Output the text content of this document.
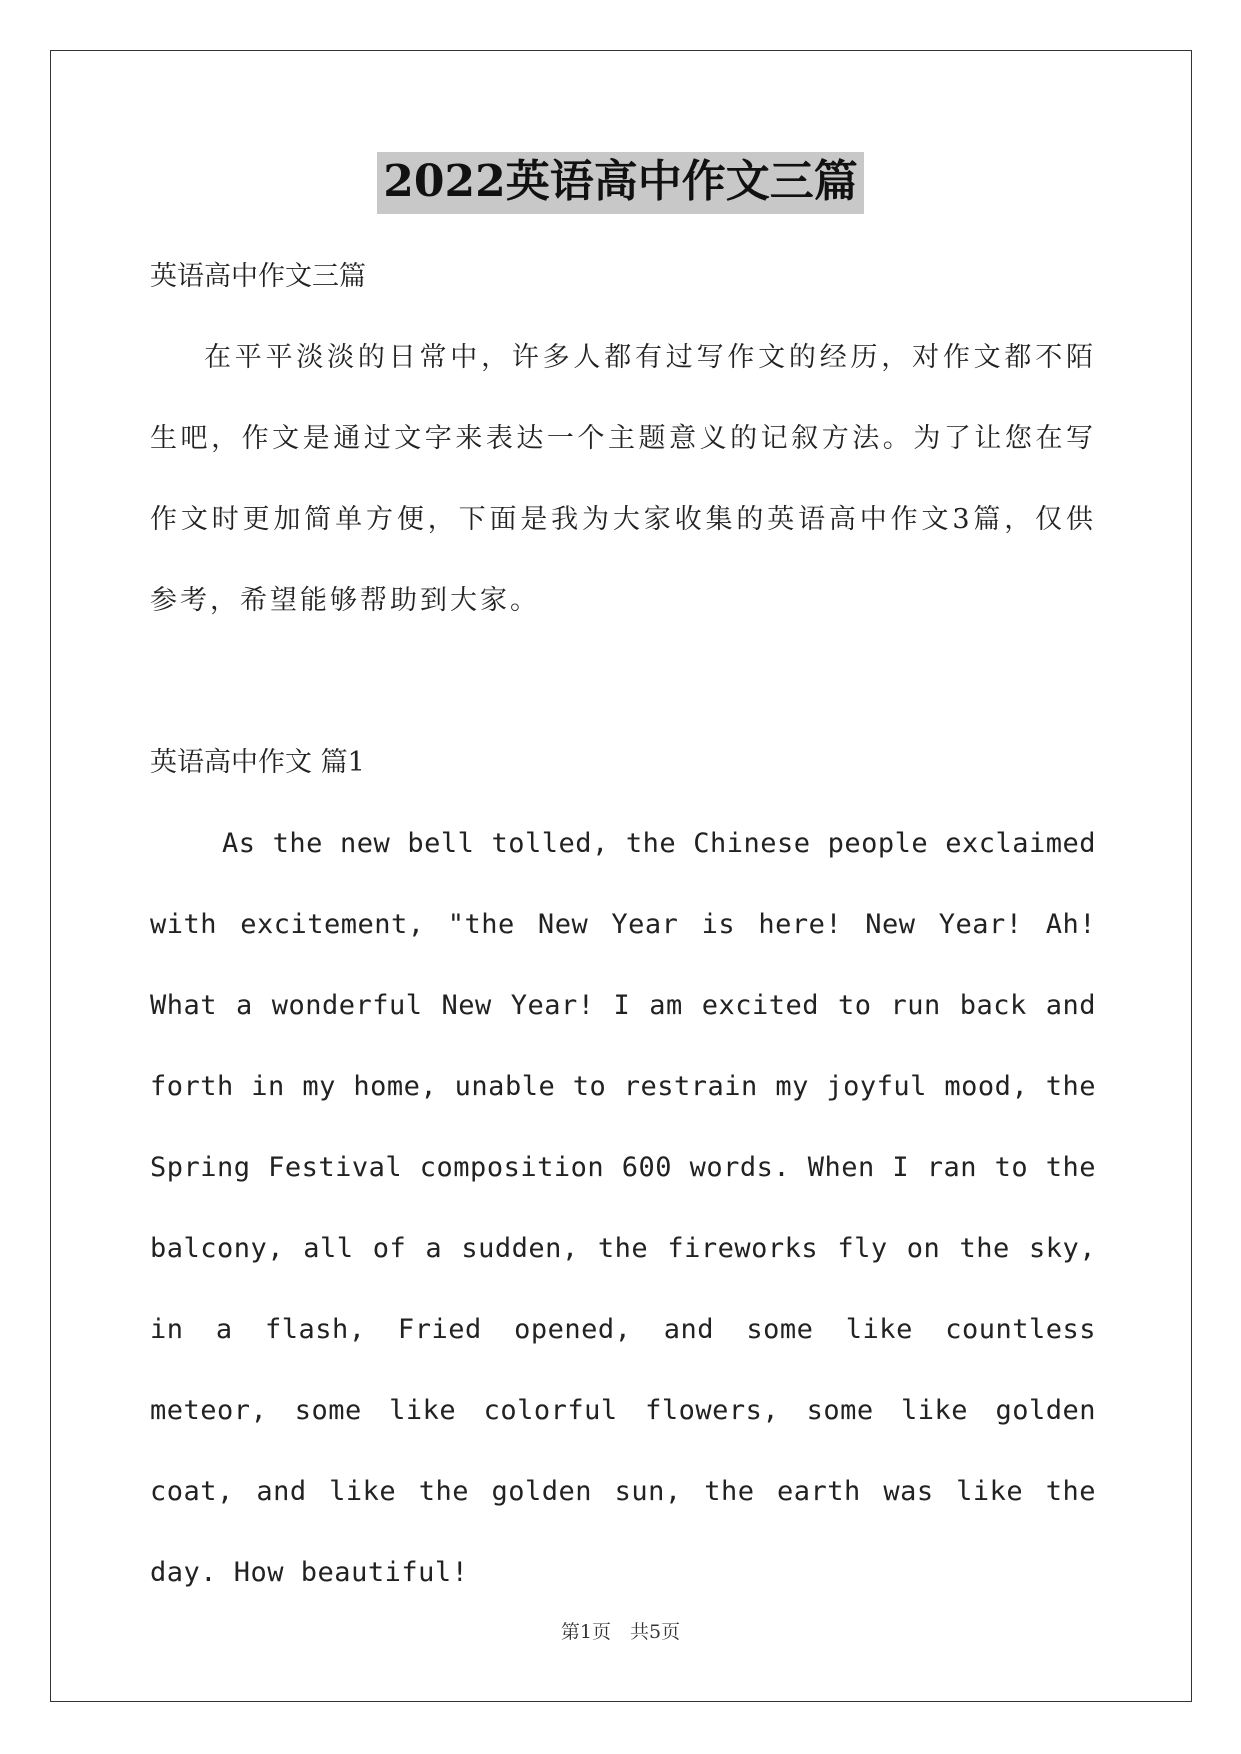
2022英语高中作文三篇

英语高中作文三篇

在平平淡淡的日常中，许多人都有过写作文的经历，对作文都不陌生吧，作文是通过文字来表达一个主题意义的记叙方法。为了让您在写作文时更加简单方便，下面是我为大家收集的英语高中作文3篇，仅供参考，希望能够帮助到大家。

英语高中作文 篇1

As the new bell tolled, the Chinese people exclaimed with excitement, "the New Year is here! New Year! Ah! What a wonderful New Year! I am excited to run back and forth in my home, unable to restrain my joyful mood, the Spring Festival composition 600 words. When I ran to the balcony, all of a sudden, the fireworks fly on the sky, in a flash, Fried opened, and some like countless meteor, some like colorful flowers, some like golden coat, and like the golden sun, the earth was like the day. How beautiful!

第1页　共5页
